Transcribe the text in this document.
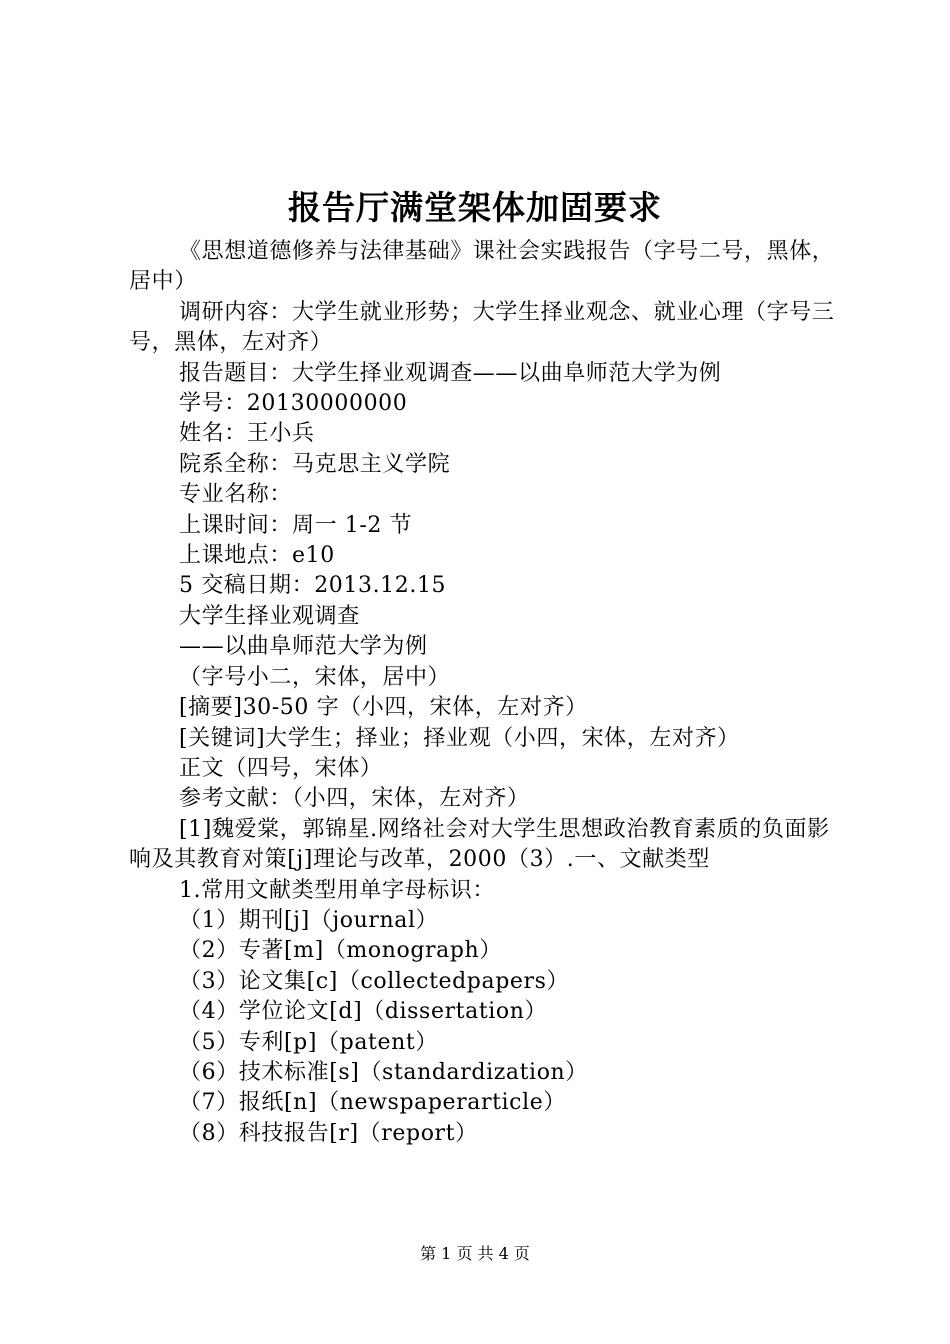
报告厅满堂架体加固要求

《思想道德修养与法律基础》课社会实践报告（字号二号，黑体，居中）

调研内容：大学生就业形势；大学生择业观念、就业心理（字号三号，黑体，左对齐）

报告题目：大学生择业观调查——以曲阜师范大学为例

学号：20130000000

姓名：王小兵

院系全称：马克思主义学院

专业名称：

上课时间：周一 1-2 节

上课地点：e10

5 交稿日期：2013.12.15

大学生择业观调查

——以曲阜师范大学为例

（字号小二，宋体，居中）

[摘要]30-50 字（小四，宋体，左对齐）

[关键词]大学生；择业；择业观（小四，宋体，左对齐）

正文（四号，宋体）

参考文献：（小四，宋体，左对齐）

[1]魏爱棠，郭锦星.网络社会对大学生思想政治教育素质的负面影响及其教育对策[j]理论与改革，2000（3）.一、文献类型

1.常用文献类型用单字母标识：

（1）期刊[j]（journal）

（2）专著[m]（monograph）

（3）论文集[c]（collectedpapers）

（4）学位论文[d]（dissertation）

（5）专利[p]（patent）

（6）技术标准[s]（standardization）

（7）报纸[n]（newspaperarticle）

（8）科技报告[r]（report）

第 1 页 共 4 页
